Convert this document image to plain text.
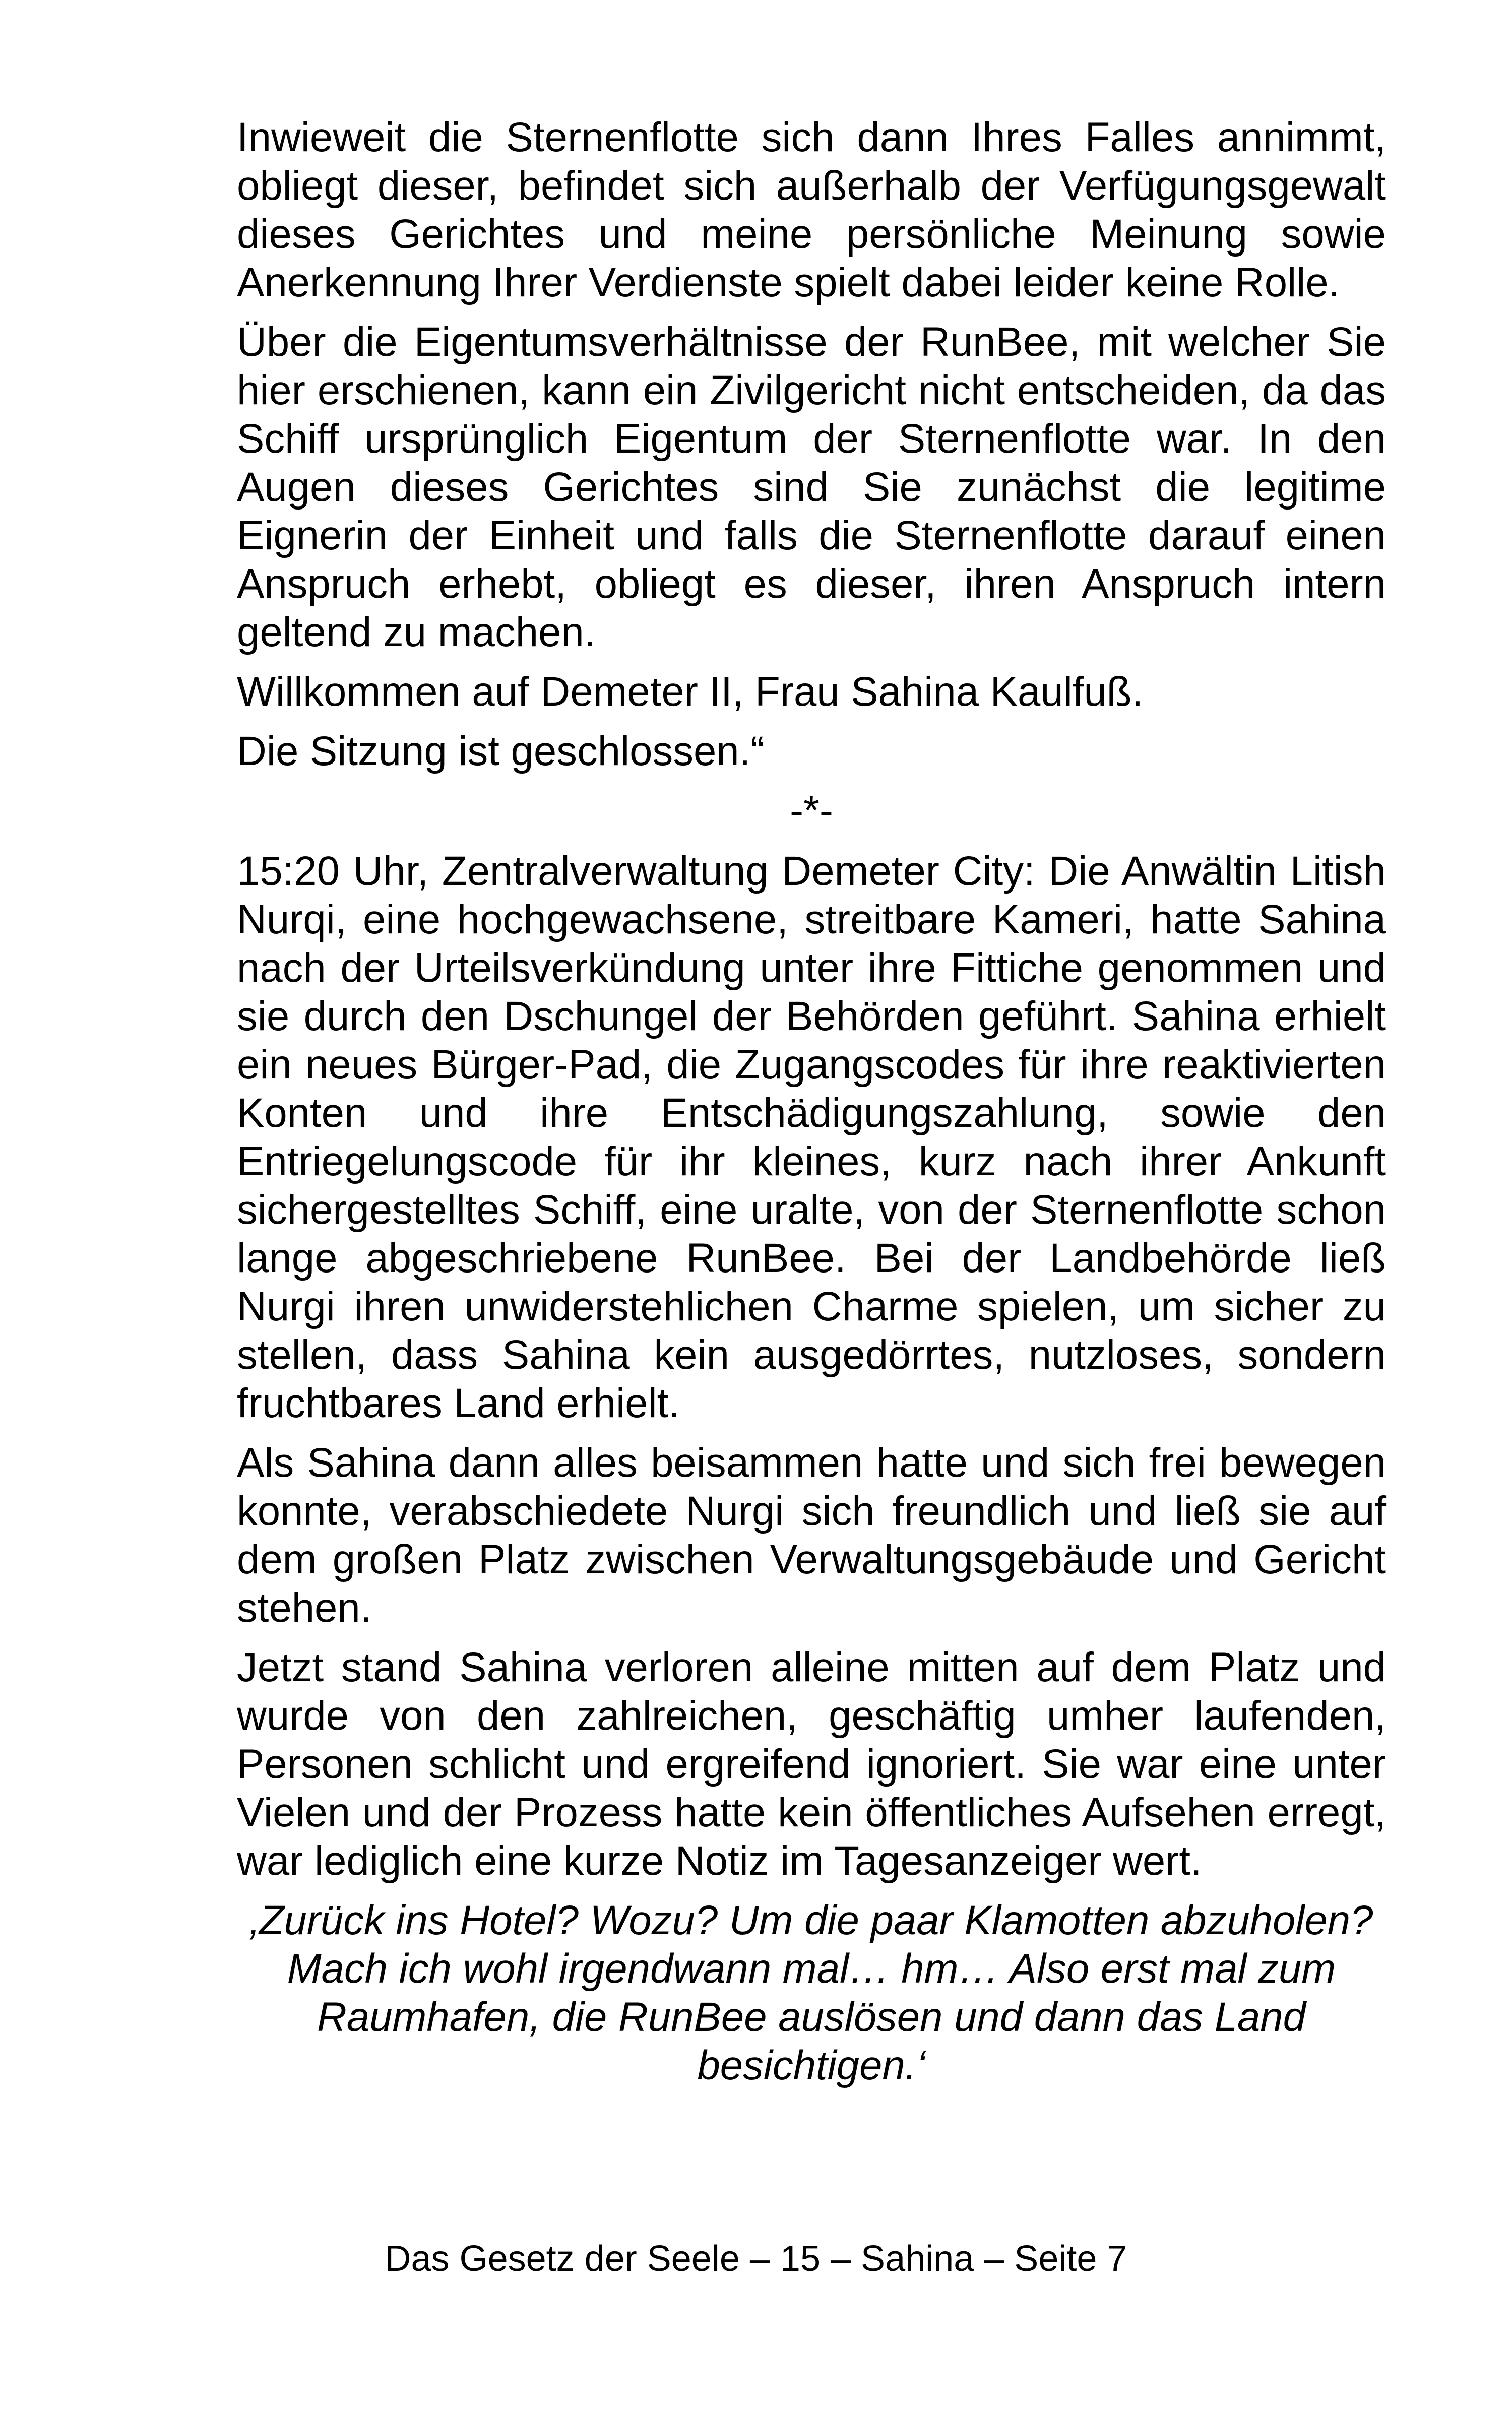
Inwieweit die Sternenflotte sich dann Ihres Falles annimmt, obliegt dieser, befindet sich außerhalb der Verfügungsgewalt dieses Gerichtes und meine persönliche Meinung sowie Anerkennung Ihrer Verdienste spielt dabei leider keine Rolle.

Über die Eigentumsverhältnisse der RunBee, mit welcher Sie hier erschienen, kann ein Zivilgericht nicht entscheiden, da das Schiff ursprünglich Eigentum der Sternenflotte war. In den Augen dieses Gerichtes sind Sie zunächst die legitime Eignerin der Einheit und falls die Sternenflotte darauf einen Anspruch erhebt, obliegt es dieser, ihren Anspruch intern geltend zu machen.

Willkommen auf Demeter II, Frau Sahina Kaulfuß.

Die Sitzung ist geschlossen.“

-*-

15:20 Uhr, Zentralverwaltung Demeter City: Die Anwältin Litish Nurqi, eine hochgewachsene, streitbare Kameri, hatte Sahina nach der Urteilsverkündung unter ihre Fittiche genommen und sie durch den Dschungel der Behörden geführt. Sahina erhielt ein neues Bürger-Pad, die Zugangscodes für ihre reaktivierten Konten und ihre Entschädigungszahlung, sowie den Entriegelungscode für ihr kleines, kurz nach ihrer Ankunft sichergestelltes Schiff, eine uralte, von der Sternenflotte schon lange abgeschriebene RunBee. Bei der Landbehörde ließ Nurgi ihren unwiderstehlichen Charme spielen, um sicher zu stellen, dass Sahina kein ausgedörrtes, nutzloses, sondern fruchtbares Land erhielt.

Als Sahina dann alles beisammen hatte und sich frei bewegen konnte, verabschiedete Nurgi sich freundlich und ließ sie auf dem großen Platz zwischen Verwaltungsgebäude und Gericht stehen.

Jetzt stand Sahina verloren alleine mitten auf dem Platz und wurde von den zahlreichen, geschäftig umher laufenden, Personen schlicht und ergreifend ignoriert. Sie war eine unter Vielen und der Prozess hatte kein öffentliches Aufsehen erregt, war lediglich eine kurze Notiz im Tagesanzeiger wert.

‚Zurück ins Hotel? Wozu? Um die paar Klamotten abzuholen? Mach ich wohl irgendwann mal… hm… Also erst mal zum Raumhafen, die RunBee auslösen und dann das Land besichtigen.‘

Das Gesetz der Seele – 15 – Sahina – Seite 7
